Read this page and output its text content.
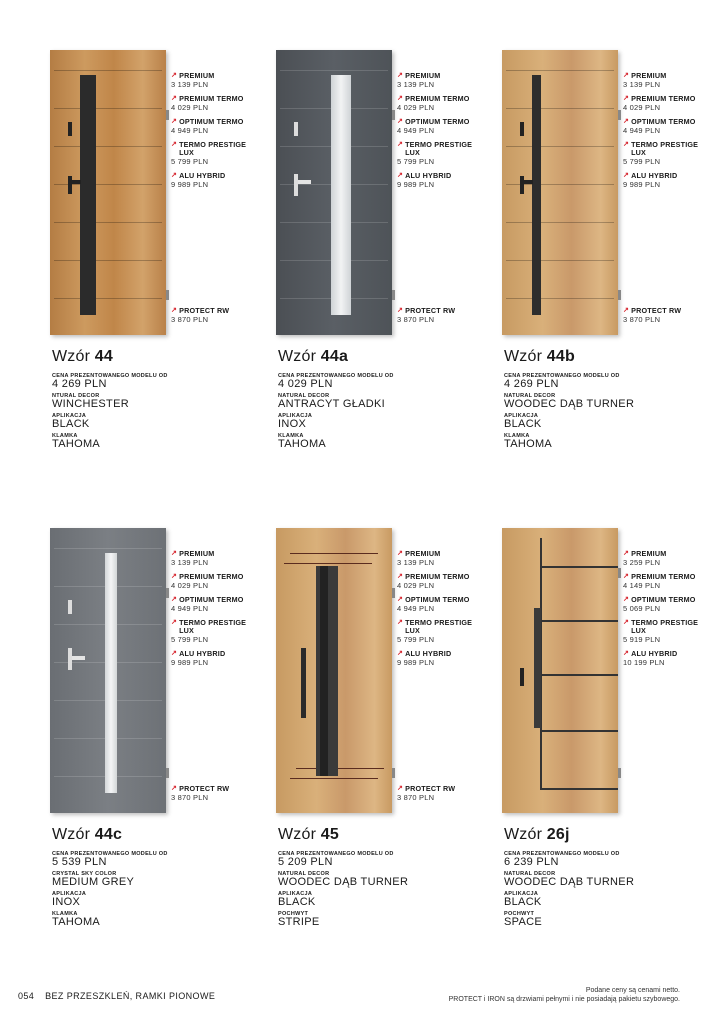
↗ PREMIUM
3 139 PLN
↗ PREMIUM TERMO
4 029 PLN
↗ OPTIMUM TERMO
4 949 PLN
↗ TERMO PRESTIGE LUX
5 799 PLN
↗ ALU HYBRID
9 989 PLN
↗ PROTECT RW
3 870 PLN
Wzór 44
CENA PREZENTOWANEGO MODELU OD
4 269 PLN
NTURAL DECOR
WINCHESTER
APLIKACJA
BLACK
KLAMKA
TAHOMA
↗ PREMIUM
3 139 PLN
↗ PREMIUM TERMO
4 029 PLN
↗ OPTIMUM TERMO
4 949 PLN
↗ TERMO PRESTIGE LUX
5 799 PLN
↗ ALU HYBRID
9 989 PLN
↗ PROTECT RW
3 870 PLN
Wzór 44a
CENA PREZENTOWANEGO MODELU OD
4 029 PLN
NATURAL DECOR
ANTRACYT GŁADKI
APLIKACJA
INOX
KLAMKA
TAHOMA
↗ PREMIUM
3 139 PLN
↗ PREMIUM TERMO
4 029 PLN
↗ OPTIMUM TERMO
4 949 PLN
↗ TERMO PRESTIGE LUX
5 799 PLN
↗ ALU HYBRID
9 989 PLN
↗ PROTECT RW
3 870 PLN
Wzór 44b
CENA PREZENTOWANEGO MODELU OD
4 269 PLN
NATURAL DECOR
WOODEC DĄB TURNER
APLIKACJA
BLACK
KLAMKA
TAHOMA
↗ PREMIUM
3 139 PLN
↗ PREMIUM TERMO
4 029 PLN
↗ OPTIMUM TERMO
4 949 PLN
↗ TERMO PRESTIGE LUX
5 799 PLN
↗ ALU HYBRID
9 989 PLN
↗ PROTECT RW
3 870 PLN
Wzór 44c
CENA PREZENTOWANEGO MODELU OD
5 539 PLN
CRYSTAL SKY COLOR
MEDIUM GREY
APLIKACJA
INOX
KLAMKA
TAHOMA
↗ PREMIUM
3 139 PLN
↗ PREMIUM TERMO
4 029 PLN
↗ OPTIMUM TERMO
4 949 PLN
↗ TERMO PRESTIGE LUX
5 799 PLN
↗ ALU HYBRID
9 989 PLN
↗ PROTECT RW
3 870 PLN
Wzór 45
CENA PREZENTOWANEGO MODELU OD
5 209 PLN
NATURAL DECOR
WOODEC DĄB TURNER
APLIKACJA
BLACK
POCHWYT
STRIPE
↗ PREMIUM
3 259 PLN
↗ PREMIUM TERMO
4 149 PLN
↗ OPTIMUM TERMO
5 069 PLN
↗ TERMO PRESTIGE LUX
5 919 PLN
↗ ALU HYBRID
10 199 PLN
Wzór 26j
CENA PREZENTOWANEGO MODELU OD
6 239 PLN
NATURAL DECOR
WOODEC DĄB TURNER
APLIKACJA
BLACK
POCHWYT
SPACE
054 BEZ PRZESZKLEŃ, RAMKI PIONOWE
Podane ceny są cenami netto.
PROTECT i IRON są drzwiami pełnymi i nie posiadają pakietu szybowego.
